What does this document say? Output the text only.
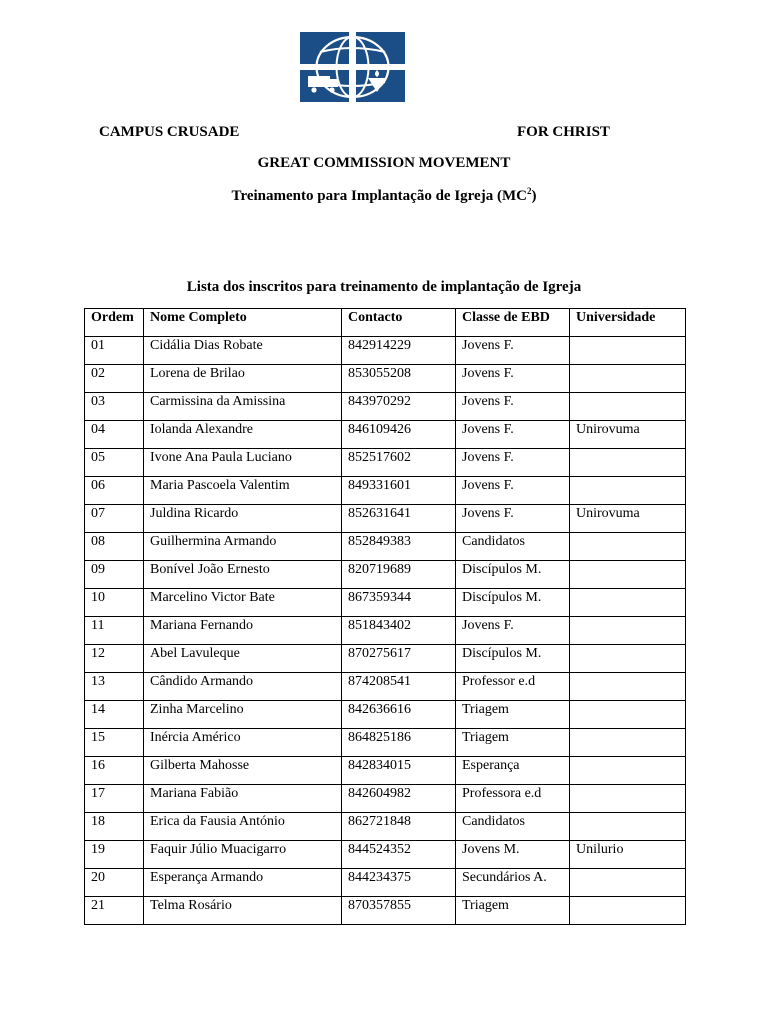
CAMPUS CRUSADE	FOR CHRIST
GREAT COMMISSION MOVEMENT
Treinamento para Implantação de Igreja $(MC^2)$
Lista dos inscritos para treinamento de implantação de Igreja
Ordem	Nome Completo	Contacto	Classe de EBD	Universidade
01	Cidália Dias Robate	842914229	Jovens F.	
02	Lorena de Brilao	853055208	Jovens F.	
03	Carmissina da Amissina	843970292	Jovens F.	
04	Iolanda Alexandre	846109426	Jovens F.	Unirovuma
05	Ivone Ana Paula Luciano	852517602	Jovens F.	
06	Maria Pascoela Valentim	849331601	Jovens F.	
07	Juldina Ricardo	852631641	Jovens F.	Unirovuma
08	Guilhermina Armando	852849383	Candidatos	
09	Bonível João Ernesto	820719689	Discípulos M.	
10	Marcelino Victor Bate	867359344	Discípulos M.	
11	Mariana Fernando	851843402	Jovens F.	
12	Abel Lavuleque	870275617	Discípulos M.	
13	Cândido Armando	874208541	Professor e.d	
14	Zinha Marcelino	842636616	Triagem	
15	Inércia Américo	864825186	Triagem	
16	Gilberta Mahosse	842834015	Esperança	
17	Mariana Fabião	842604982	Professora e.d	
18	Erica da Fausia António	862721848	Candidatos	
19	Faquir Júlio Muacigarro	844524352	Jovens M.	Unilurio
20	Esperança Armando	844234375	Secundários A.	
21	Telma Rosário	870357855	Triagem	
